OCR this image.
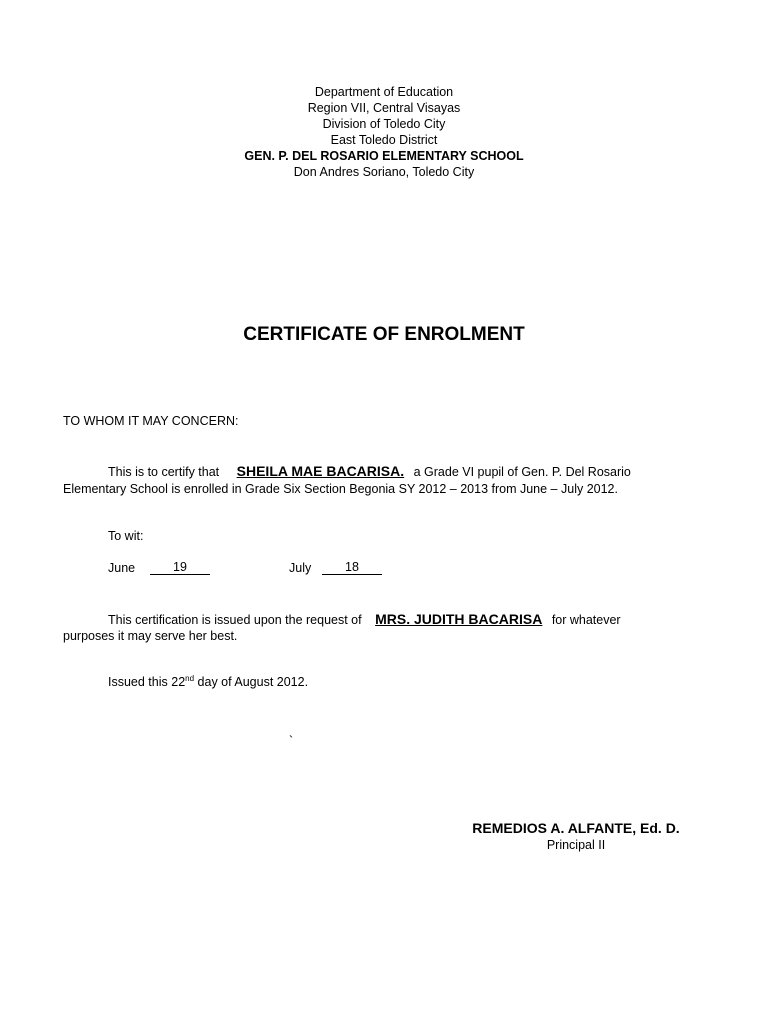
Department of Education
Region VII, Central Visayas
Division of Toledo City
East Toledo District
GEN. P. DEL ROSARIO ELEMENTARY SCHOOL
Don Andres Soriano, Toledo City
CERTIFICATE OF ENROLMENT
TO WHOM IT MAY CONCERN:
This is to certify that SHEILA MAE BACARISA. a Grade VI pupil of Gen. P. Del Rosario
Elementary School is enrolled in Grade Six Section Begonia SY 2012 – 2013 from June – July 2012.
To wit:
June	19	July	18
This certification is issued upon the request of MRS. JUDITH BACARISA for whatever
purposes it may serve her best.
Issued this 22nd day of August 2012.
`
REMEDIOS A. ALFANTE, Ed. D.
Principal II
